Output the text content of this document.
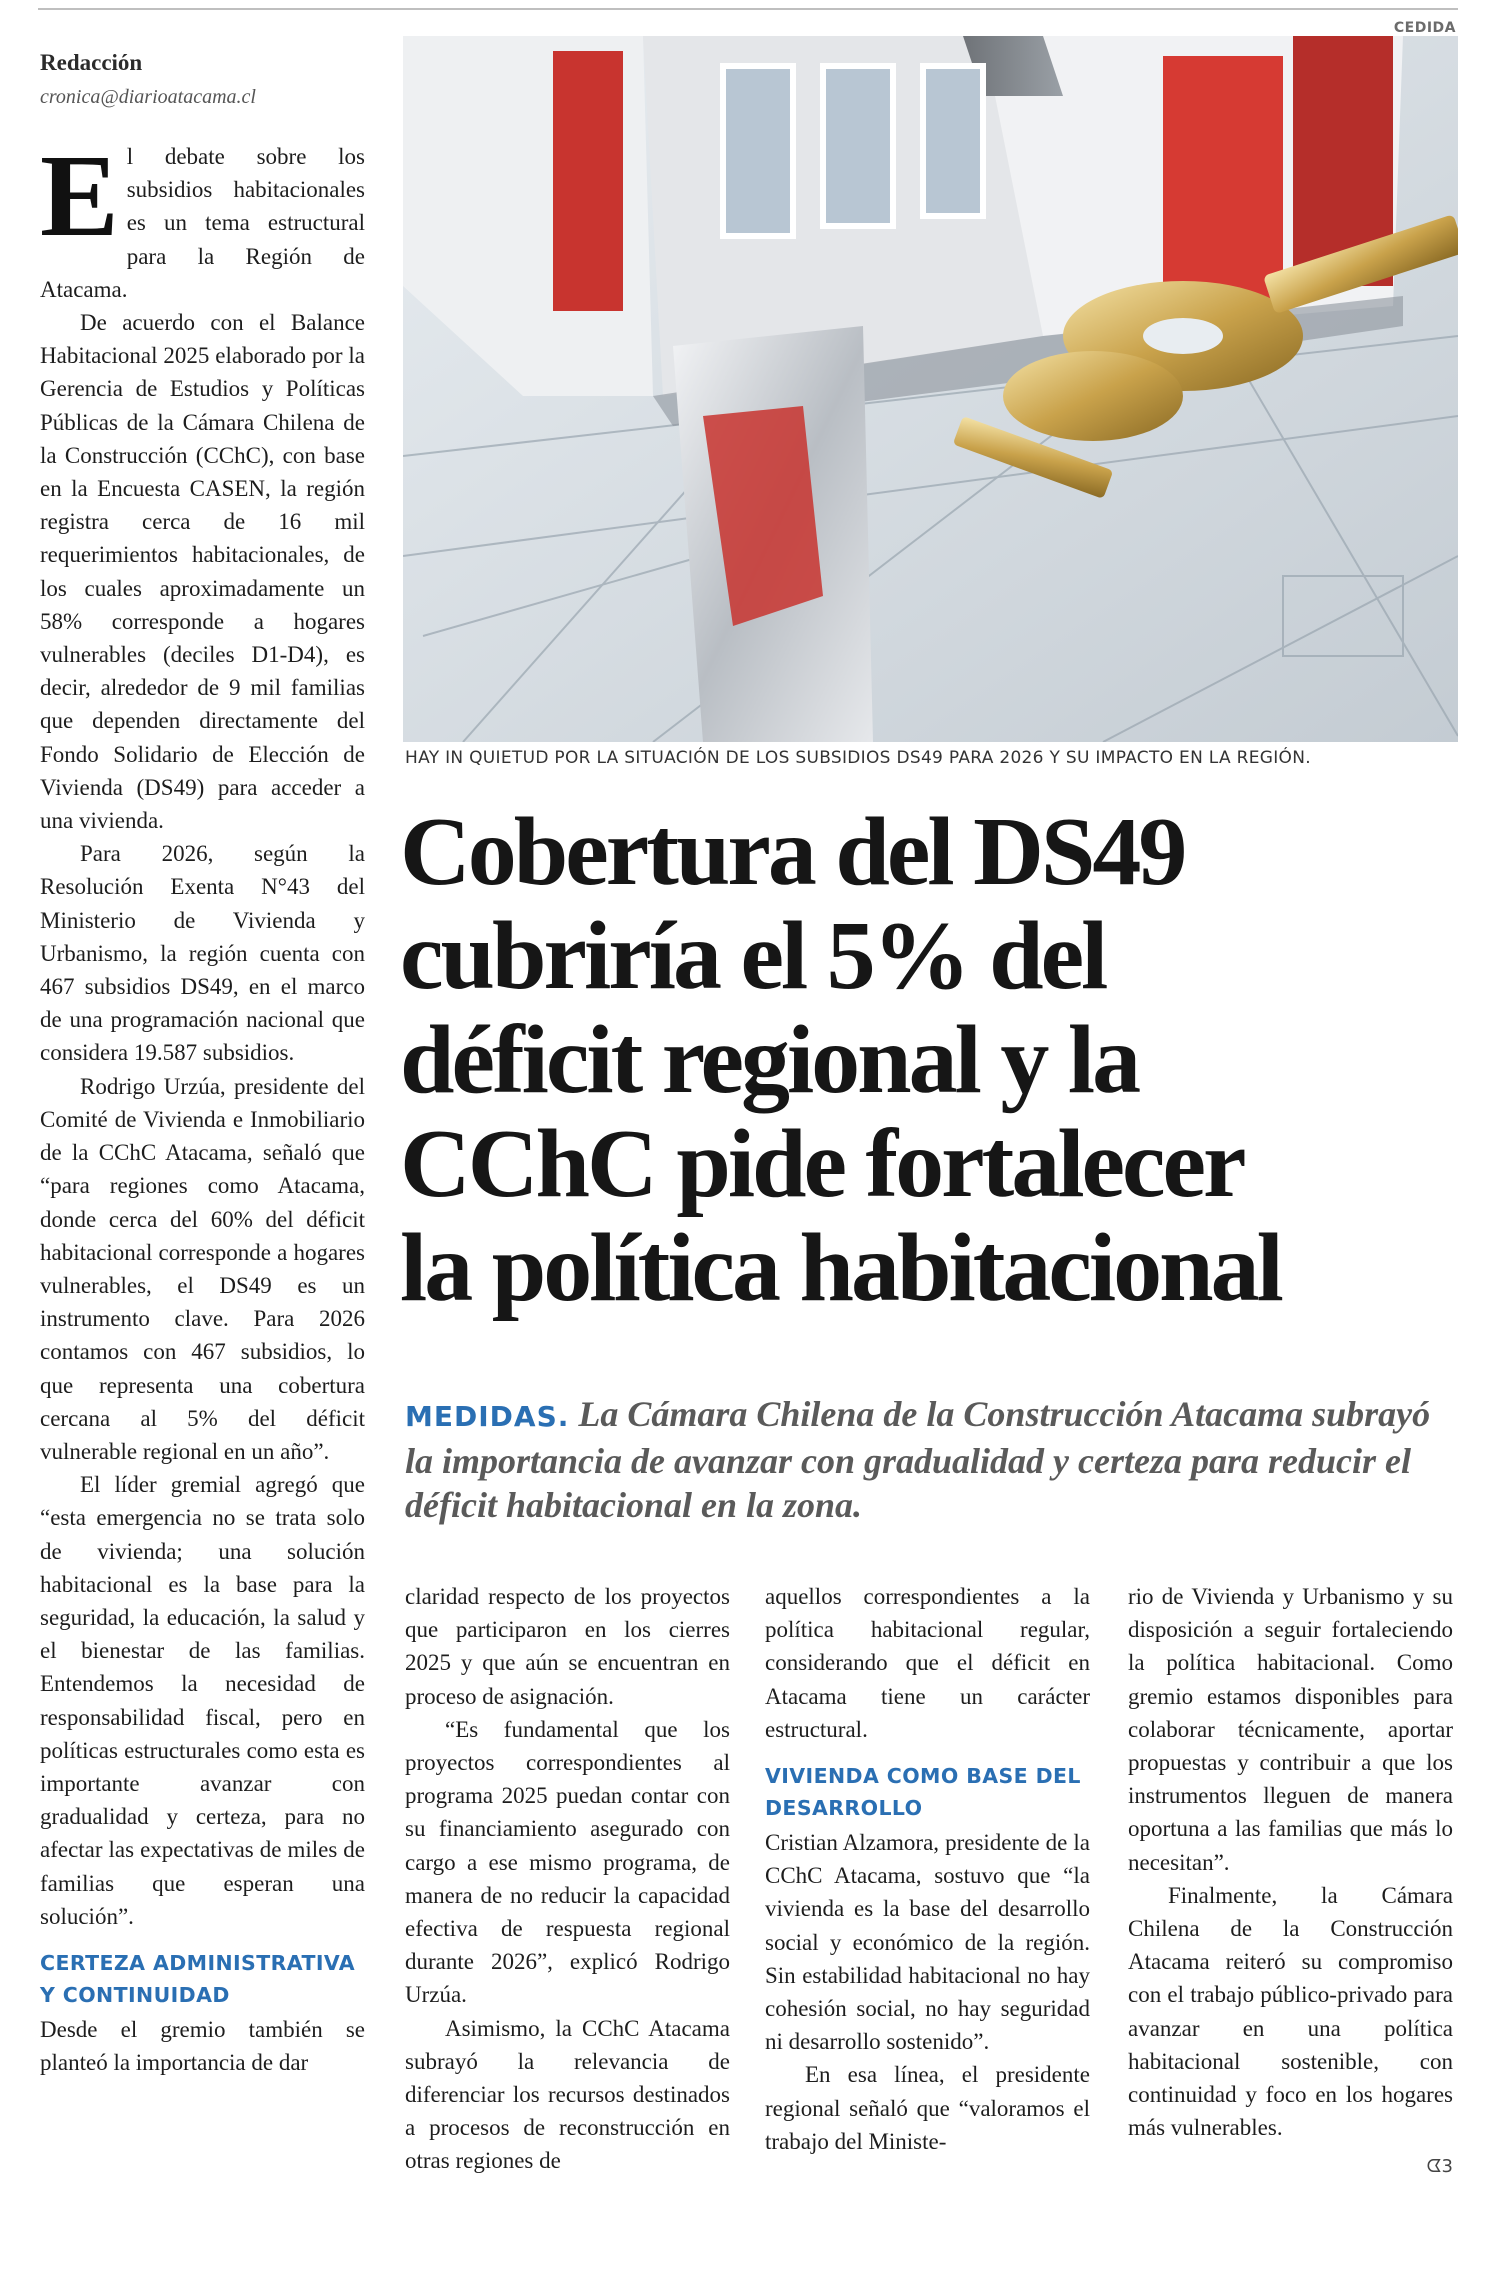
CEDIDA
Redacción
cronica@diarioatacama.cl
E l debate sobre los subsidios habitacionales es un tema estructural para la Región de Atacama.

De acuerdo con el Balance Habitacional 2025 elaborado por la Gerencia de Estudios y Políticas Públicas de la Cámara Chilena de la Construcción (CChC), con base en la Encuesta CASEN, la región registra cerca de 16 mil requerimientos habitacionales, de los cuales aproximadamente un 58% corresponde a hogares vulnerables (deciles D1-D4), es decir, alrededor de 9 mil familias que dependen directamente del Fondo Solidario de Elección de Vivienda (DS49) para acceder a una vivienda.

Para 2026, según la Resolución Exenta N°43 del Ministerio de Vivienda y Urbanismo, la región cuenta con 467 subsidios DS49, en el marco de una programación nacional que considera 19.587 subsidios.

Rodrigo Urzúa, presidente del Comité de Vivienda e Inmobiliario de la CChC Atacama, señaló que “para regiones como Atacama, donde cerca del 60% del déficit habitacional corresponde a hogares vulnerables, el DS49 es un instrumento clave. Para 2026 contamos con 467 subsidios, lo que representa una cobertura cercana al 5% del déficit vulnerable regional en un año”.

El líder gremial agregó que “esta emergencia no se trata solo de vivienda; una solución habitacional es la base para la seguridad, la educación, la salud y el bienestar de las familias. Entendemos la necesidad de responsabilidad fiscal, pero en políticas estructurales como esta es importante avanzar con gradualidad y certeza, para no afectar las expectativas de miles de familias que esperan una solución”.

CERTEZA ADMINISTRATIVA Y CONTINUIDAD

Desde el gremio también se planteó la importancia de dar

HAY IN QUIETUD POR LA SITUACIÓN DE LOS SUBSIDIOS DS49 PARA 2026 Y SU IMPACTO EN LA REGIÓN.
Cobertura del DS49
cubriría el 5% del
déficit regional y la
CChC pide fortalecer
la política habitacional
MEDIDAS. La Cámara Chilena de la Construcción Atacama subrayó la importancia de avanzar con gradualidad y certeza para reducir el déficit habitacional en la zona.

claridad respecto de los proyectos que participaron en los cierres 2025 y que aún se encuentran en proceso de asignación.

“Es fundamental que los proyectos correspondientes al programa 2025 puedan contar con su financiamiento asegurado con cargo a ese mismo programa, de manera de no reducir la capacidad efectiva de respuesta regional durante 2026”, explicó Rodrigo Urzúa.

Asimismo, la CChC Atacama subrayó la relevancia de diferenciar los recursos destinados a procesos de reconstrucción en otras regiones de

aquellos correspondientes a la política habitacional regular, considerando que el déficit en Atacama tiene un carácter estructural.

VIVIENDA COMO BASE DEL DESARROLLO

Cristian Alzamora, presidente de la CChC Atacama, sostuvo que “la vivienda es la base del desarrollo social y económico de la región. Sin estabilidad habitacional no hay cohesión social, no hay seguridad ni desarrollo sostenido”.

En esa línea, el presidente regional señaló que “valoramos el trabajo del Ministe-

rio de Vivienda y Urbanismo y su disposición a seguir fortaleciendo la política habitacional. Como gremio estamos disponibles para colaborar técnicamente, aportar propuestas y contribuir a que los instrumentos lleguen de manera oportuna a las familias que más lo necesitan”.

Finalmente, la Cámara Chilena de la Construcción Atacama reiteró su compromiso con el trabajo público-privado para avanzar en una política habitacional sostenible, con continuidad y foco en los hogares más vulnerables.

ᗧ3
